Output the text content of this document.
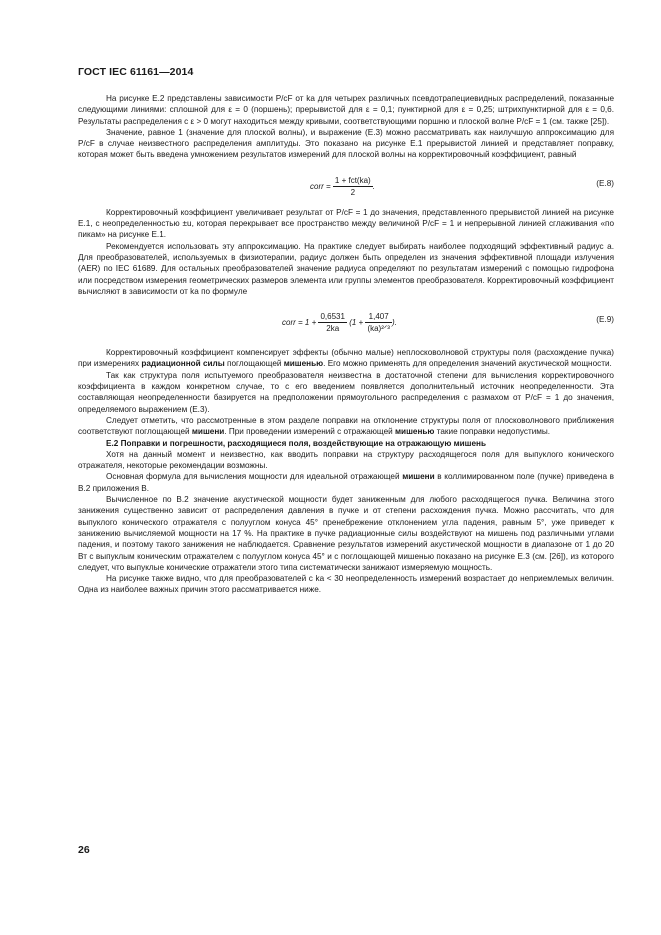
ГОСТ IEC 61161—2014

На рисунке Е.2 представлены зависимости P/cF от ka для четырех различных псевдотрапециевидных распределений, показанные следующими линиями: сплошной для ε = 0 (поршень); прерывистой для ε = 0,1; пунктирной для ε = 0,25; штрихпунктирной для ε = 0,6. Результаты распределения с ε > 0 могут находиться между кривыми, соответствующими поршню и плоской волне P/cF = 1 (см. также [25]).

Значение, равное 1 (значение для плоской волны), и выражение (Е.3) можно рассматривать как наилучшую аппроксимацию для P/cF в случае неизвестного распределения амплитуды. Это показано на рисунке Е.1 прерывистой линией и представляет поправку, которая может быть введена умножением результатов измерений для плоской волны на корректировочный коэффициент, равный

corr = $\frac{\text{1 + fct(ka)}}{2}$ .	(E.8)

Корректировочный коэффициент увеличивает результат от P/cF = 1 до значения, представленного прерывистой линией на рисунке Е.1, с неопределенностью ±u, которая перекрывает все пространство между величиной P/cF = 1 и непрерывной линией сглаживания «по пикам» на рисунке Е.1.

Рекомендуется использовать эту аппроксимацию. На практике следует выбирать наиболее подходящий эффективный радиус a. Для преобразователей, используемых в физиотерапии, радиус должен быть определен из значения эффективной площади излучения (AER) по IEC 61689. Для остальных преобразователей значение радиуса определяют по результатам измерений с помощью гидрофона или посредством измерения геометрических размеров элемента или группы элементов преобразователя. Корректировочный коэффициент вычисляют в зависимости от ka по формуле

corr = $1 + \frac{0,6531}{2ka} (1 + \frac{1,407}{\text{(ka)²ᐟ³}}$ ).	(E.9)

Корректировочный коэффициент компенсирует эффекты (обычно малые) неплосковолновой структуры поля (расхождение пучка) при измерениях радиационной силы поглощающей мишенью. Его можно применять для определения значений акустической мощности.

Так как структура поля испытуемого преобразователя неизвестна в достаточной степени для вычисления корректировочного коэффициента в каждом конкретном случае, то с его введением появляется дополнительный источник неопределенности. Эта составляющая неопределенности базируется на предположении прямоугольного распределения с размахом от P/cF = 1 до значения, определяемого выражением (Е.3).

Следует отметить, что рассмотренные в этом разделе поправки на отклонение структуры поля от плосковолнового приближения соответствуют поглощающей мишени. При проведении измерений с отражающей мишенью такие поправки недопустимы.

Е.2 Поправки и погрешности, расходящиеся поля, воздействующие на отражающую мишень

Хотя на данный момент и неизвестно, как вводить поправки на структуру расходящегося поля для выпуклого конического отражателя, некоторые рекомендации возможны.

Основная формула для вычисления мощности для идеальной отражающей мишени в коллимированном поле (пучке) приведена в В.2 приложения В.

Вычисленное по В.2 значение акустической мощности будет заниженным для любого расходящегося пучка. Величина этого занижения существенно зависит от распределения давления в пучке и от степени расхождения пучка. Можно рассчитать, что для выпуклого конического отражателя с полууглом конуса 45° пренебрежение отклонением угла падения, равным 5°, уже приведет к занижению вычисляемой мощности на 17 %. На практике в пучке радиационные силы воздействуют на мишень под различными углами падения, и поэтому такого занижения не наблюдается. Сравнение результатов измерений акустической мощности в диапазоне от 1 до 20 Вт с выпуклым коническим отражателем с полууглом конуса 45° и с поглощающей мишенью показано на рисунке Е.3 (см. [26]), из которого следует, что выпуклые конические отражатели этого типа систематически занижают измеряемую мощность.

На рисунке также видно, что для преобразователей с ka < 30 неопределенность измерений возрастает до неприемлемых величин. Одна из наиболее важных причин этого рассматривается ниже.

26
